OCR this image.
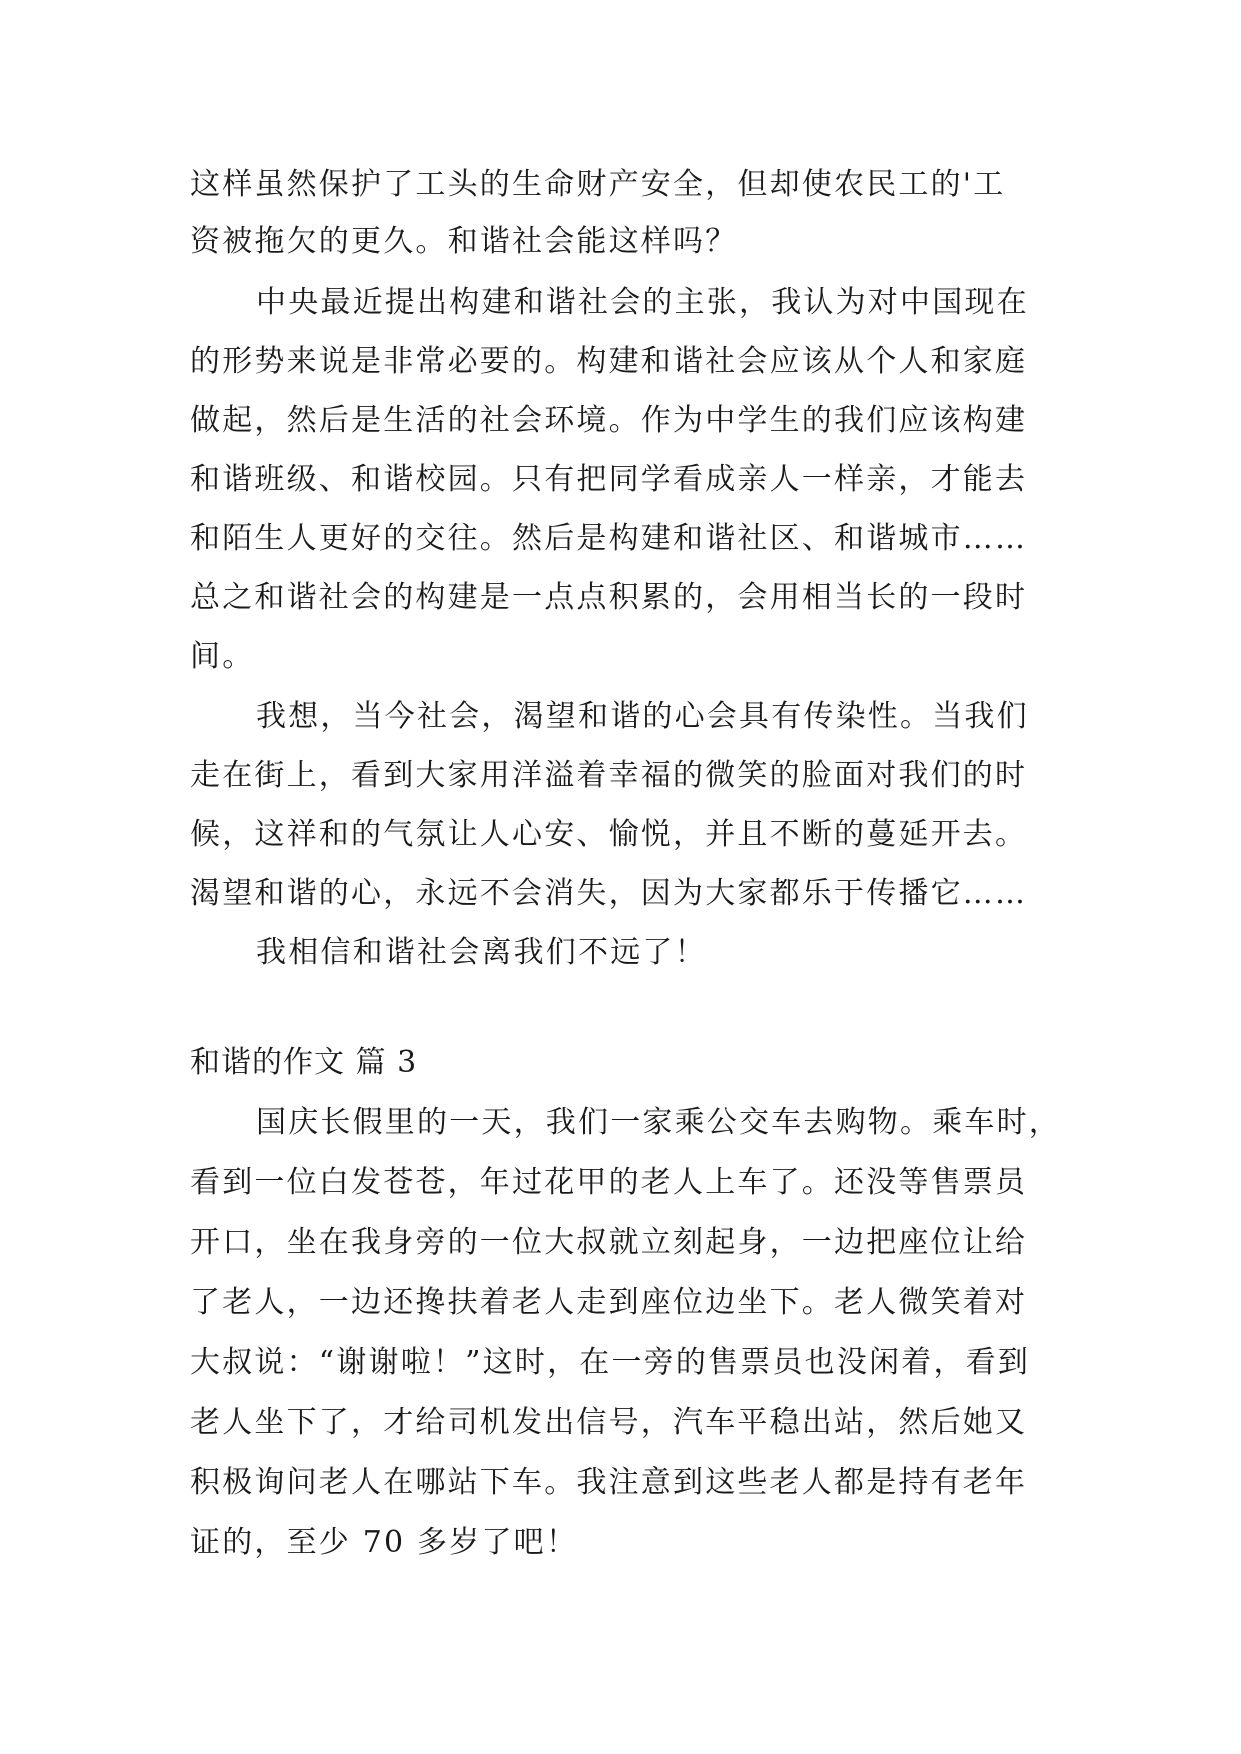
这样虽然保护了工头的生命财产安全，但却使农民工的'工
资被拖欠的更久。和谐社会能这样吗？
中央最近提出构建和谐社会的主张，我认为对中国现在
的形势来说是非常必要的。构建和谐社会应该从个人和家庭
做起，然后是生活的社会环境。作为中学生的我们应该构建
和谐班级、和谐校园。只有把同学看成亲人一样亲，才能去
和陌生人更好的交往。然后是构建和谐社区、和谐城市……
总之和谐社会的构建是一点点积累的，会用相当长的一段时
间。
我想，当今社会，渴望和谐的心会具有传染性。当我们
走在街上，看到大家用洋溢着幸福的微笑的脸面对我们的时
候，这祥和的气氛让人心安、愉悦，并且不断的蔓延开去。
渴望和谐的心，永远不会消失，因为大家都乐于传播它……
我相信和谐社会离我们不远了！
和谐的作文 篇 3
国庆长假里的一天，我们一家乘公交车去购物。乘车时，
看到一位白发苍苍，年过花甲的老人上车了。还没等售票员
开口，坐在我身旁的一位大叔就立刻起身，一边把座位让给
了老人，一边还搀扶着老人走到座位边坐下。老人微笑着对
大叔说：“谢谢啦！”这时，在一旁的售票员也没闲着，看到
老人坐下了，才给司机发出信号，汽车平稳出站，然后她又
积极询问老人在哪站下车。我注意到这些老人都是持有老年
证的，至少 70 多岁了吧！
